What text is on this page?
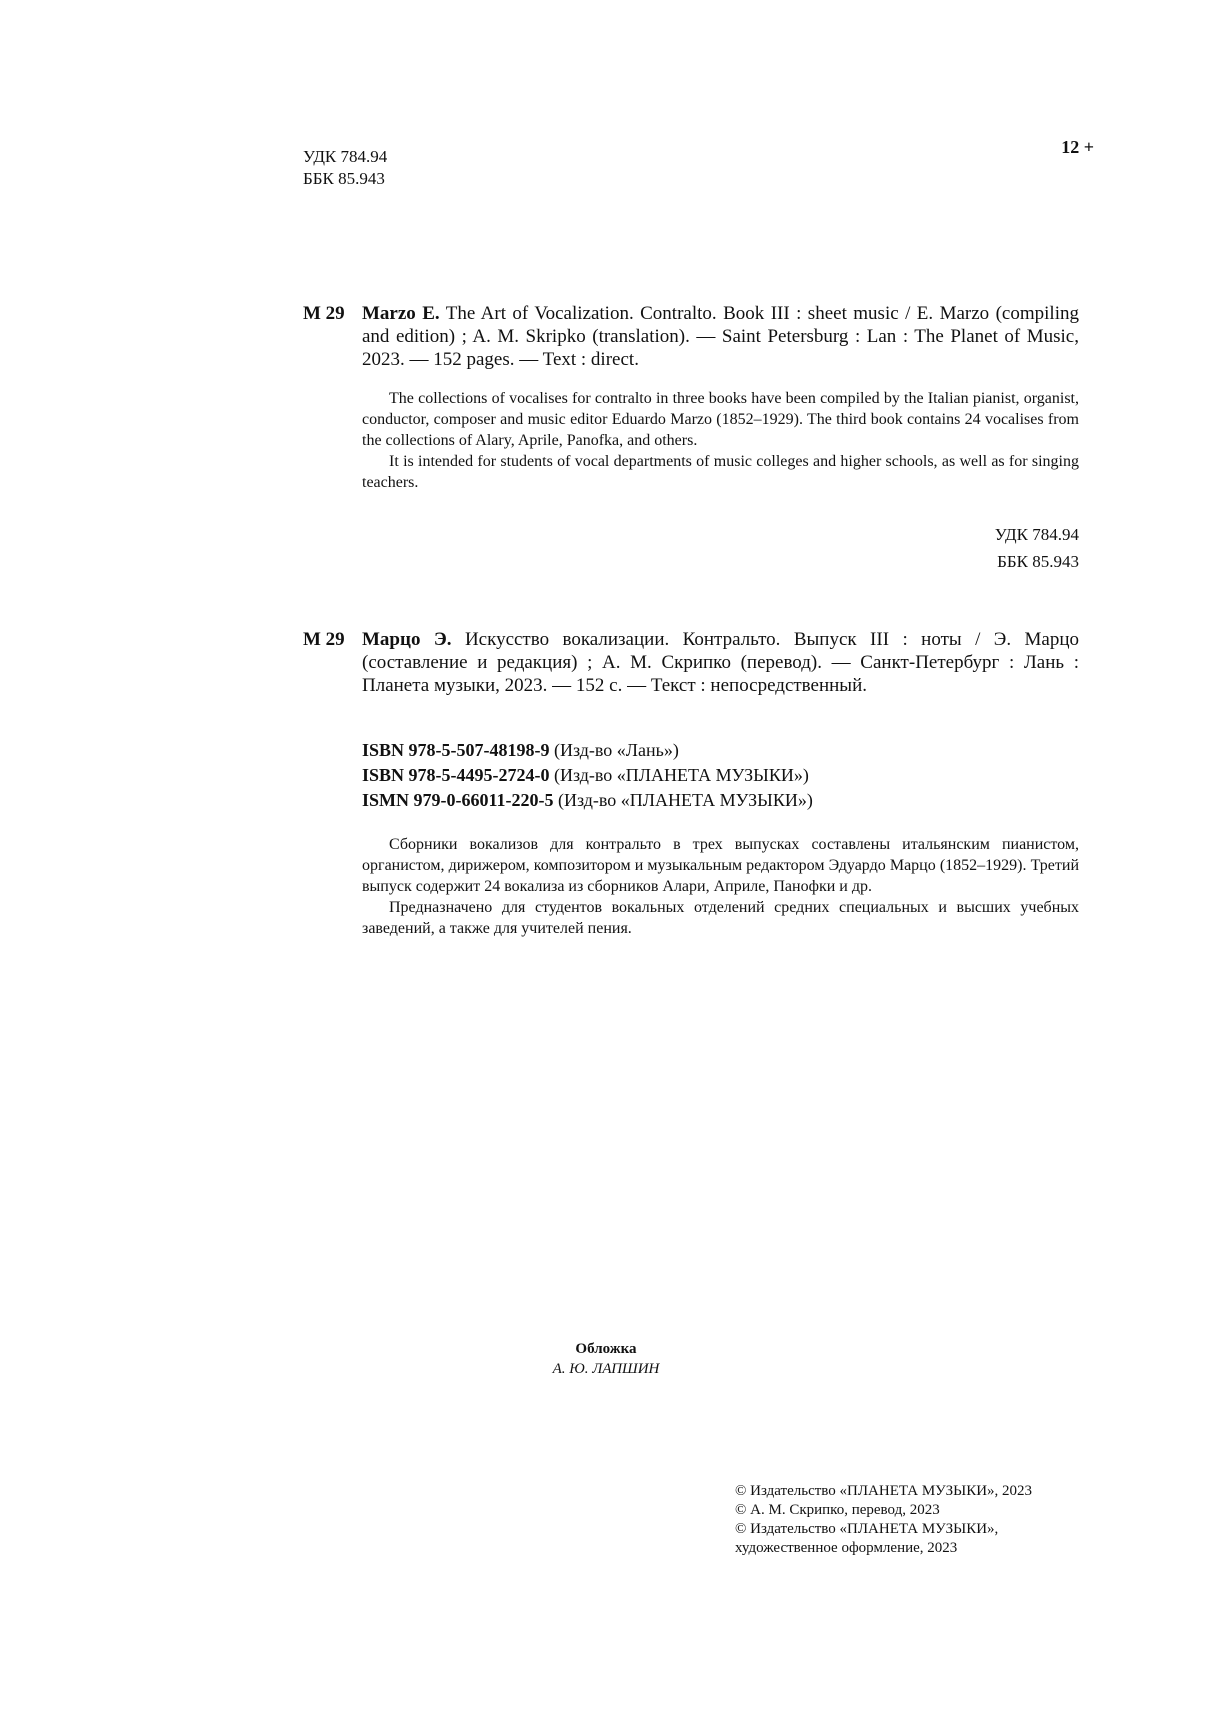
УДК 784.94
ББК 85.943
12 +
М 29 Marzo E. The Art of Vocalization. Contralto. Book III : sheet music / E. Marzo (compiling and edition) ; A. M. Skripko (translation). — Saint Petersburg : Lan : The Planet of Music, 2023. — 152 pages. — Text : direct.

The collections of vocalises for contralto in three books have been compiled by the Italian pianist, organist, conductor, composer and music editor Eduardo Marzo (1852–1929). The third book contains 24 vocalises from the collections of Alary, Aprile, Panofka, and others.

It is intended for students of vocal departments of music colleges and higher schools, as well as for singing teachers.

УДК 784.94
ББК 85.943
М 29 Марцо Э. Искусство вокализации. Контральто. Выпуск III : ноты / Э. Марцо (составление и редакция) ; А. М. Скрипко (перевод). — Санкт-Петербург : Лань : Планета музыки, 2023. — 152 с. — Текст : непосредственный.
ISBN 978-5-507-48198-9 (Изд-во «Лань»)
ISBN 978-5-4495-2724-0 (Изд-во «ПЛАНЕТА МУЗЫКИ»)
ISMN 979-0-66011-220-5 (Изд-во «ПЛАНЕТА МУЗЫКИ»)

Сборники вокализов для контральто в трех выпусках составлены итальянским пианистом, органистом, дирижером, композитором и музыкальным редактором Эдуардо Марцо (1852–1929). Третий выпуск содержит 24 вокализа из сборников Алари, Априле, Панофки и др.

Предназначено для студентов вокальных отделений средних специальных и высших учебных заведений, а также для учителей пения.

Обложка
А. Ю. ЛАПШИН
© Издательство «ПЛАНЕТА МУЗЫКИ», 2023
© А. М. Скрипко, перевод, 2023
© Издательство «ПЛАНЕТА МУЗЫКИ»,
художественное оформление, 2023
